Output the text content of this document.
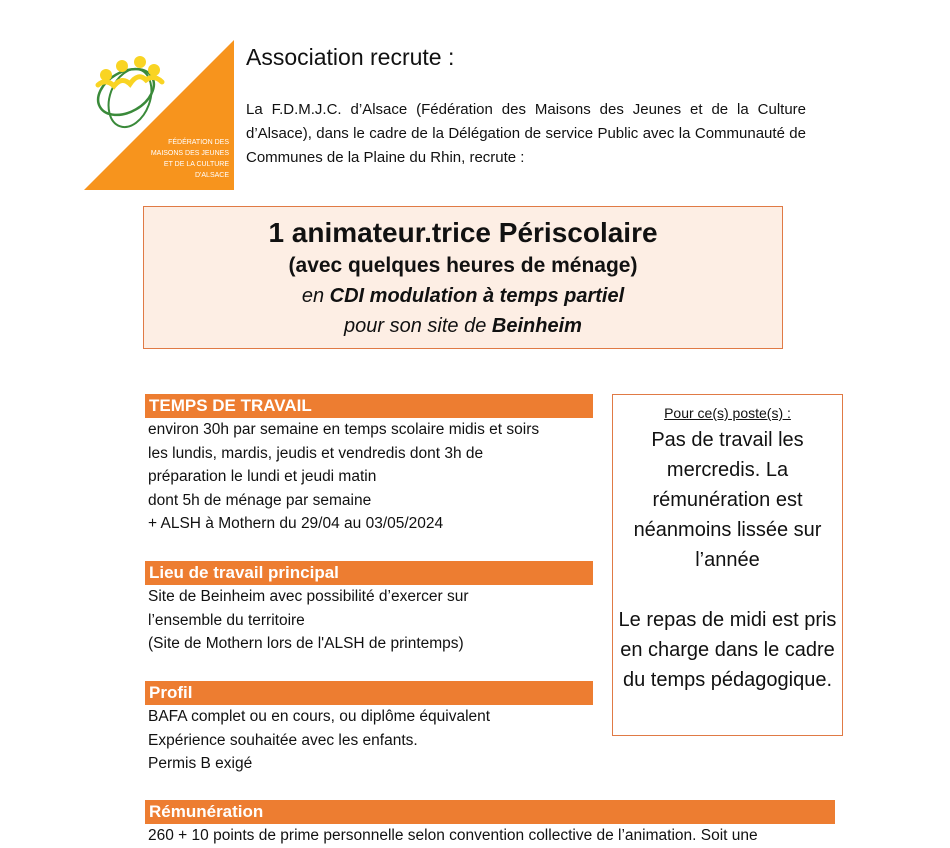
FÉDÉRATION DES
MAISONS DES JEUNES
ET DE LA CULTURE
D'ALSACE
Association recrute :
La F.D.M.J.C. d’Alsace (Fédération des Maisons des Jeunes et de la Culture d’Alsace), dans le cadre de la Délégation de service Public avec la Communauté de Communes de la Plaine du Rhin, recrute :
1 animateur.trice Périscolaire
(avec quelques heures de ménage)
en CDI modulation à temps partiel
pour son site de Beinheim
TEMPS DE TRAVAIL
environ 30h par semaine en temps scolaire midis et soirs
les lundis, mardis, jeudis et vendredis dont 3h de
préparation le lundi et jeudi matin
dont 5h de ménage par semaine
+ ALSH à Mothern du 29/04 au 03/05/2024
Lieu de travail principal
Site de Beinheim avec possibilité d’exercer sur
l’ensemble du territoire
(Site de Mothern lors de l'ALSH de printemps)
Profil
BAFA complet ou en cours, ou diplôme équivalent
Expérience souhaitée avec les enfants.
Permis B exigé
Rémunération
260 + 10 points de prime personnelle selon convention collective de l’animation. Soit une
Pour ce(s) poste(s) :
Pas de travail les mercredis. La rémunération est néanmoins lissée sur l’année
Le repas de midi est pris en charge dans le cadre du temps pédagogique.
